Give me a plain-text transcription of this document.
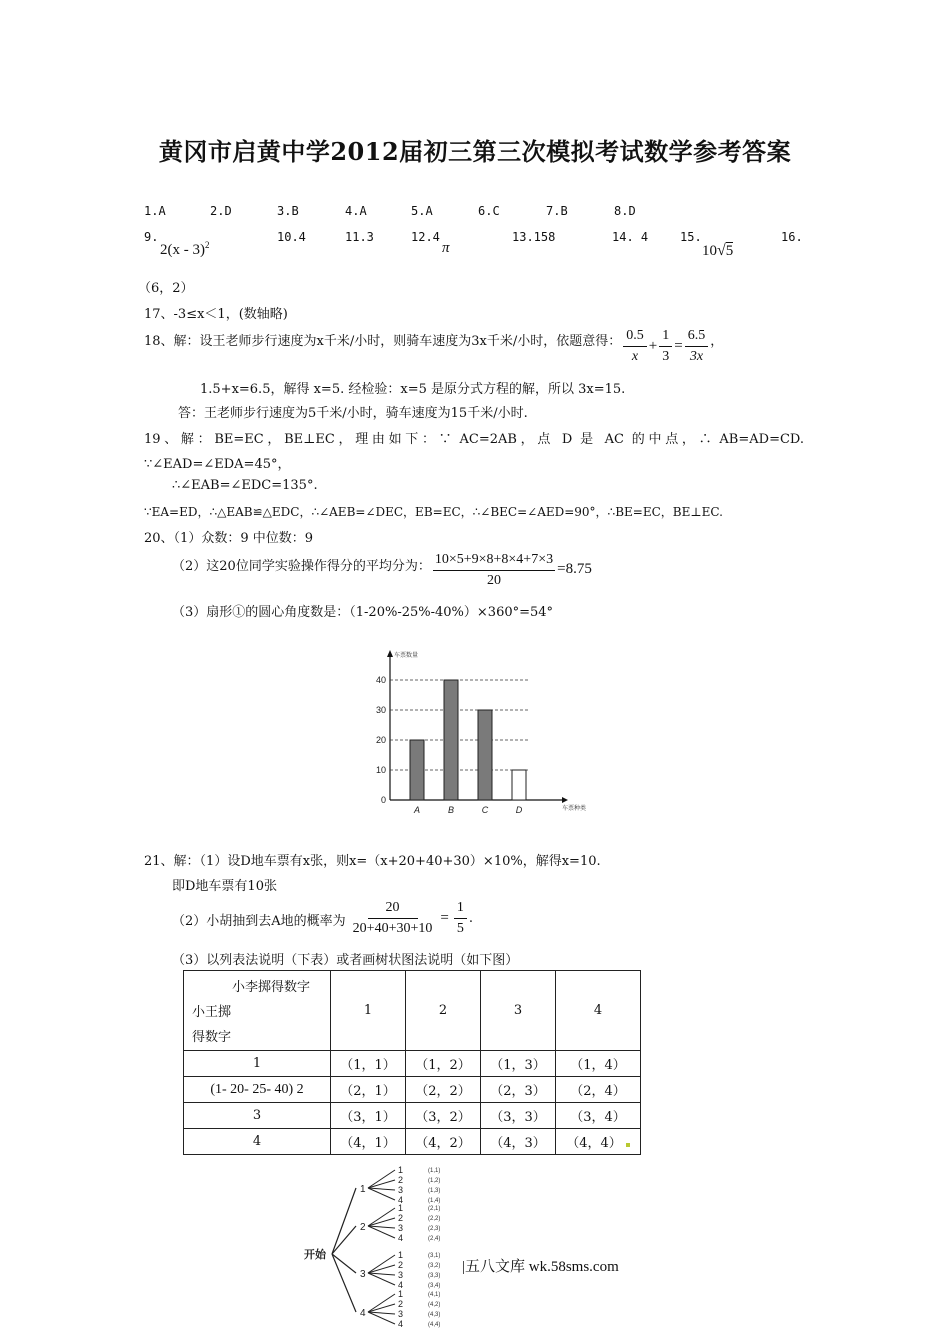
黄冈市启黄中学2012届初三第三次模拟考试数学参考答案
1.A	2.D	3.B	4.A	5.A	6.C	7.B	8.D
9.
2(x - 3)$^2$
10.4	11.3	12.4
π
13.158	14. 4	15.
10√5
16.
（6，2）
17、-3≤x＜1，(数轴略)
18、解：设王老师步行速度为x千米/小时，则骑车速度为3x千米/小时，依题意得： $\frac{0.5}{x} + \frac{1}{3} = \frac{6.5}{3x}$ ，
1.5+x=6.5，解得 x=5. 经检验：x=5 是原分式方程的解，所以 3x=15.
答：王老师步行速度为5千米/小时，骑车速度为15千米/小时.
19、解：BE=EC，BE⊥EC，理由如下：∵ AC=2AB，点 D 是 AC 的中点，∴ AB=AD=CD.
∵∠EAD=∠EDA=45°，
∴∠EAB=∠EDC=135°.
∵EA=ED，∴△EAB≌△EDC，∴∠AEB=∠DEC，EB=EC，∴∠BEC=∠AED=90°，∴BE=EC，BE⊥EC.
20、（1）众数：9 中位数：9
（2）这20位同学实验操作得分的平均分为： $\frac{10\times 5+9\times 8+8\times 4+7\times 3}{20} =8.75$
（3）扇形①的圆心角度数是：（1-20%-25%-40%）×360°=54°
车票数量
车票种类
0
10
20
30
40
A	B	C	D
21、解：（1）设D地车票有x张，则x=（x+20+40+30）×10%，解得x=10.
即D地车票有10张
（2）小胡抽到去A地的概率为 $\frac{20}{20+40+30+10} = \frac{1}{5}$ .
（3）以列表法说明（下表）或者画树状图法说明（如下图）
小李掷得数字
小王掷
得数字	1	2	3	4
1	（1，1）	（1，2）	（1，3）	（1，4）
(1- 20- 25- 40) 2	（2，1）	（2，2）	（2，3）	（2，4）
3	（3，1）	（3，2）	（3，3）	（3，4）
4	（4，1）	（4，2）	（4，3）	（4，4）
开始
1
1	(1,1)
2	(1,2)
3	(1,3)
4	(1,4)
2
1	(2,1)
2	(2,2)
3	(2,3)
4	(2,4)
3
1	(3,1)
2	(3,2)
3	(3,3)
4	(3,4)
4
1	(4,1)
2	(4,2)
3	(4,3)
4	(4,4)
|五八文库 wk.58sms.com
